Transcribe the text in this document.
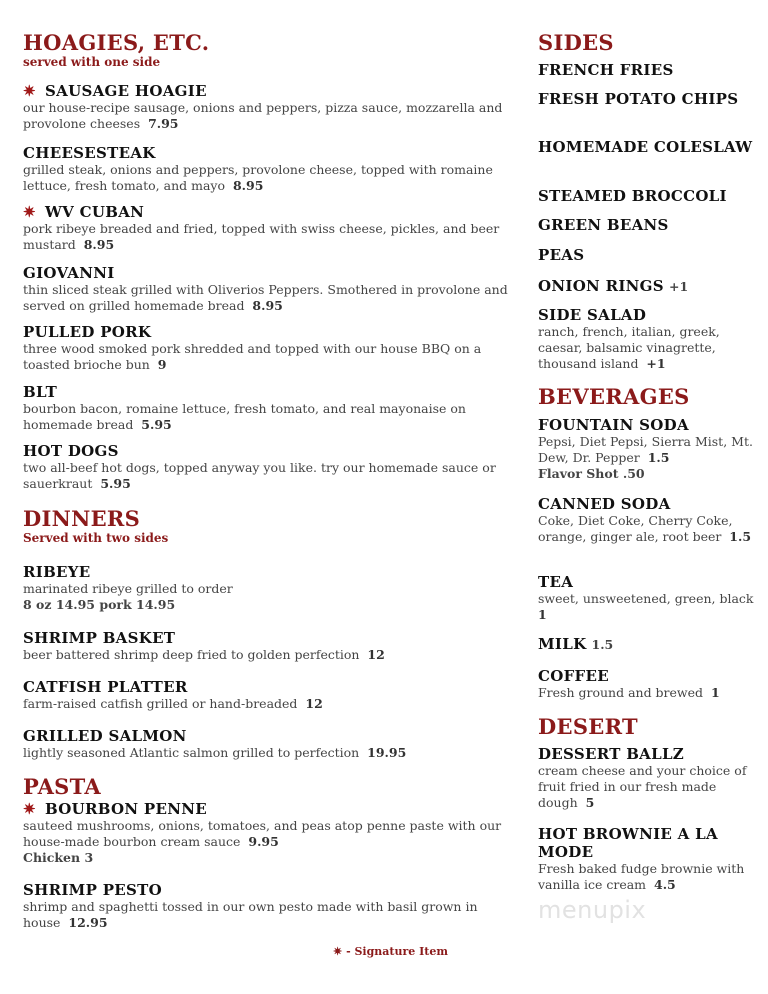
HOAGIES, ETC.
served with one side
✷ SAUSAGE HOAGIE
our house-recipe sausage, onions and peppers, pizza sauce, mozzarella and provolone cheeses 7.95
CHEESESTEAK
grilled steak, onions and peppers, provolone cheese, topped with romaine lettuce, fresh tomato, and mayo 8.95
✷ WV CUBAN
pork ribeye breaded and fried, topped with swiss cheese, pickles, and beer mustard 8.95
GIOVANNI
thin sliced steak grilled with Oliverios Peppers. Smothered in provolone and served on grilled homemade bread 8.95
PULLED PORK
three wood smoked pork shredded and topped with our house BBQ on a toasted brioche bun 9
BLT
bourbon bacon, romaine lettuce, fresh tomato, and real mayonaise on homemade bread 5.95
HOT DOGS
two all-beef hot dogs, topped anyway you like. try our homemade sauce or sauerkraut 5.95
DINNERS
Served with two sides
RIBEYE
marinated ribeye grilled to order
8 oz 14.95 pork 14.95
SHRIMP BASKET
beer battered shrimp deep fried to golden perfection 12
CATFISH PLATTER
farm-raised catfish grilled or hand-breaded 12
GRILLED SALMON
lightly seasoned Atlantic salmon grilled to perfection 19.95
PASTA
✷ BOURBON PENNE
sauteed mushrooms, onions, tomatoes, and peas atop penne paste with our house-made bourbon cream sauce 9.95
Chicken 3
SHRIMP PESTO
shrimp and spaghetti tossed in our own pesto made with basil grown in house 12.95
SIDES
FRENCH FRIES
FRESH POTATO CHIPS
HOMEMADE COLESLAW
STEAMED BROCCOLI
GREEN BEANS
PEAS
ONION RINGS +1
SIDE SALAD
ranch, french, italian, greek, caesar, balsamic vinagrette, thousand island +1
BEVERAGES
FOUNTAIN SODA
Pepsi, Diet Pepsi, Sierra Mist, Mt. Dew, Dr. Pepper 1.5
Flavor Shot .50
CANNED SODA
Coke, Diet Coke, Cherry Coke, orange, ginger ale, root beer 1.5
TEA
sweet, unsweetened, green, black  1
MILK 1.5
COFFEE
Fresh ground and brewed 1
DESERT
DESSERT BALLZ
cream cheese and your choice of fruit fried in our fresh made dough 5
HOT BROWNIE A LA MODE
Fresh baked fudge brownie with vanilla ice cream 4.5
menupix
✷ - Signature Item
